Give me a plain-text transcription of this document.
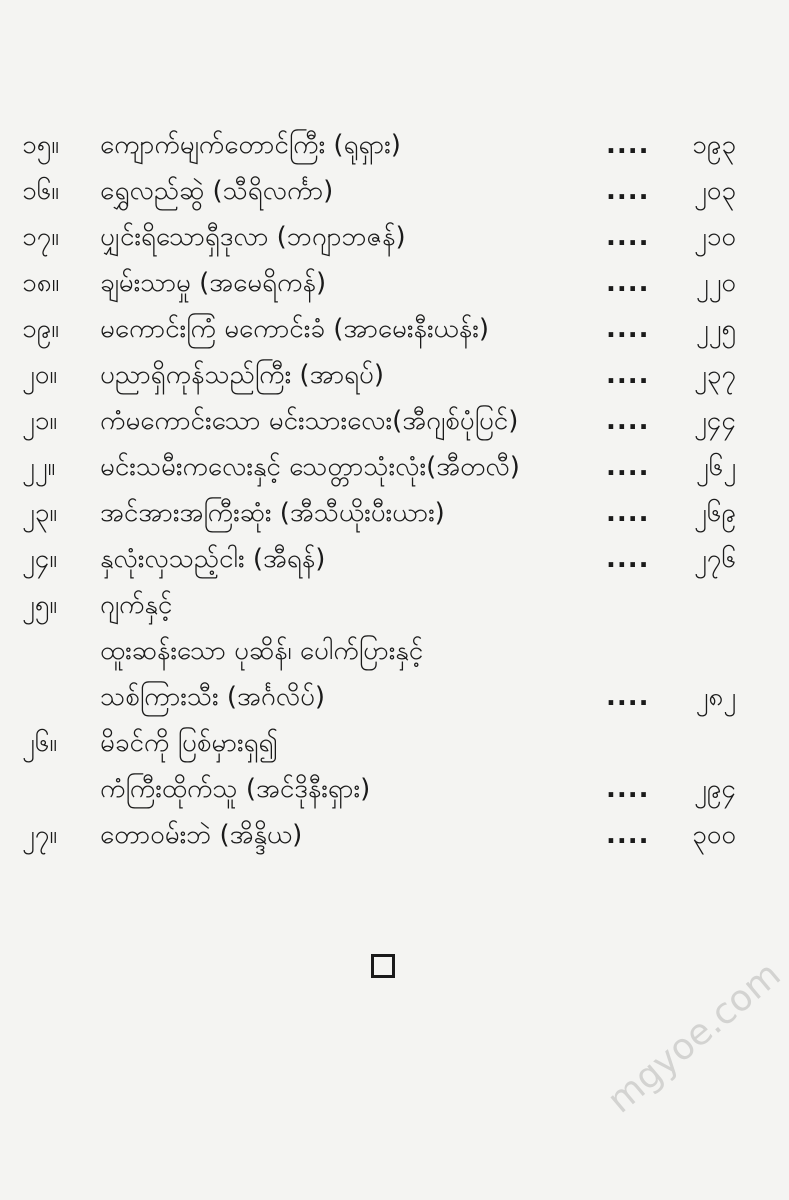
၁၅။ ကျောက်မျက်တောင်ကြီး (ရုရှား)	.... ၁၉၃
၁၆။ ရွှေလည်ဆွဲ (သီရိလင်္ကာ)	.... ၂၀၃
၁၇။ ပျှင်းရိသောရှီဒုလာ (ဘဂျာဘဇန်)	.... ၂၁၀
၁၈။ ချမ်းသာမှု (အမေရိကန်)	.... ၂၂၀
၁၉။ မကောင်းကြံ မကောင်းခံ (အာမေးနီးယန်း)	.... ၂၂၅
၂၀။ ပညာရှိကုန်သည်ကြီး (အာရပ်)	.... ၂၃၇
၂၁။ ကံမကောင်းသော မင်းသားလေး(အီဂျစ်ပုံပြင်)	.... ၂၄၄
၂၂။ မင်းသမီးကလေးနှင့် သေတ္တာသုံးလုံး(အီတလီ)	.... ၂၆၂
၂၃။ အင်အားအကြီးဆုံး (အီသီယိုးပီးယား)	.... ၂၆၉
၂၄။ နှလုံးလှသည့်ငါး (အီရန်)	.... ၂၇၆
၂၅။ ဂျက်နှင့်
ထူးဆန်းသော ပုဆိန်၊ ပေါက်ပြားနှင့်
သစ်ကြားသီး (အင်္ဂလိပ်)	.... ၂၈၂
၂၆။ မိခင်ကို ပြစ်မှားရှ၍
ကံကြီးထိုက်သူ (အင်ဒိုနီးရှား)	.... ၂၉၄
၂၇။ တောဝမ်းဘဲ (အိန္ဒိယ)	.... ၃၀၀
mgyoe.com
